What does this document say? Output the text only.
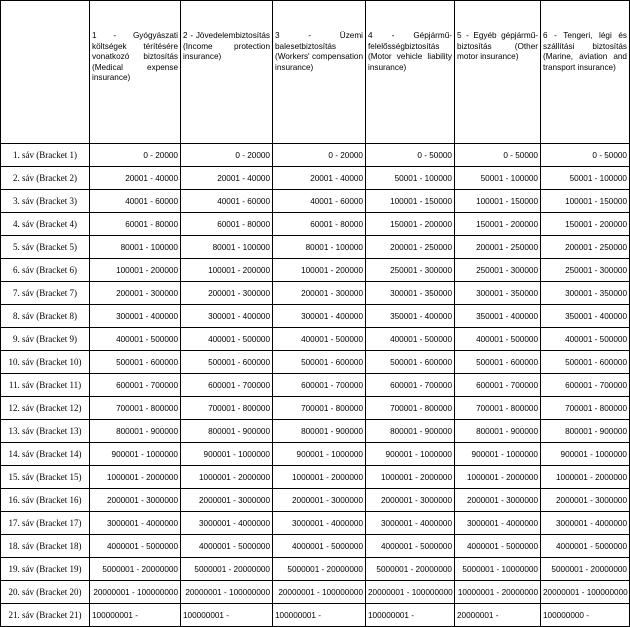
	1 - Gyógyászati költségek térítésére vonatkozó biztosítás (Medical expense insurance)	2 - Jövedelembiztosítás (Income protection insurance)	3 - Üzemi balesetbiztosítás (Workers' compensation insurance)	4 - Gépjármű-felelősségbiztosítás (Motor vehicle liability insurance)	5 - Egyéb gépjármű-biztosítás (Other motor insurance)	6 - Tengeri, légi és szállítási biztosítás (Marine, aviation and transport insurance)
1. sáv (Bracket 1)	0 - 20000	0 - 20000	0 - 20000	0 - 50000	0 - 50000	0 - 50000
2. sáv (Bracket 2)	20001 - 40000	20001 - 40000	20001 - 40000	50001 - 100000	50001 - 100000	50001 - 100000
3. sáv (Bracket 3)	40001 - 60000	40001 - 60000	40001 - 60000	100001 - 150000	100001 - 150000	100001 - 150000
4. sáv (Bracket 4)	60001 - 80000	60001 - 80000	60001 - 80000	150001 - 200000	150001 - 200000	150001 - 200000
5. sáv (Bracket 5)	80001 - 100000	80001 - 100000	80001 - 100000	200001 - 250000	200001 - 250000	200001 - 250000
6. sáv (Bracket 6)	100001 - 200000	100001 - 200000	100001 - 200000	250001 - 300000	250001 - 300000	250001 - 300000
7. sáv (Bracket 7)	200001 - 300000	200001 - 300000	200001 - 300000	300001 - 350000	300001 - 350000	300001 - 350000
8. sáv (Bracket 8)	300001 - 400000	300001 - 400000	300001 - 400000	350001 - 400000	350001 - 400000	350001 - 400000
9. sáv (Bracket 9)	400001 - 500000	400001 - 500000	400001 - 500000	400001 - 500000	400001 - 500000	400001 - 500000
10. sáv (Bracket 10)	500001 - 600000	500001 - 600000	500001 - 600000	500001 - 600000	500001 - 600000	500001 - 600000
11. sáv (Bracket 11)	600001 - 700000	600001 - 700000	600001 - 700000	600001 - 700000	600001 - 700000	600001 - 700000
12. sáv (Bracket 12)	700001 - 800000	700001 - 800000	700001 - 800000	700001 - 800000	700001 - 800000	700001 - 800000
13. sáv (Bracket 13)	800001 - 900000	800001 - 900000	800001 - 900000	800001 - 900000	800001 - 900000	800001 - 900000
14. sáv (Bracket 14)	900001 - 1000000	900001 - 1000000	900001 - 1000000	900001 - 1000000	900001 - 1000000	900001 - 1000000
15. sáv (Bracket 15)	1000001 - 2000000	1000001 - 2000000	1000001 - 2000000	1000001 - 2000000	1000001 - 2000000	1000001 - 2000000
16. sáv (Bracket 16)	2000001 - 3000000	2000001 - 3000000	2000001 - 3000000	2000001 - 3000000	2000001 - 3000000	2000001 - 3000000
17. sáv (Bracket 17)	3000001 - 4000000	3000001 - 4000000	3000001 - 4000000	3000001 - 4000000	3000001 - 4000000	3000001 - 4000000
18. sáv (Bracket 18)	4000001 - 5000000	4000001 - 5000000	4000001 - 5000000	4000001 - 5000000	4000001 - 5000000	4000001 - 5000000
19. sáv (Bracket 19)	5000001 - 20000000	5000001 - 20000000	5000001 - 20000000	5000001 - 20000000	5000001 - 10000000	5000001 - 20000000
20. sáv (Bracket 20)	20000001 - 100000000	20000001 - 100000000	20000001 - 100000000	20000001 - 100000000	10000001 - 20000000	20000001 - 100000000
21. sáv (Bracket 21)	100000001 -	100000001 -	100000001 -	100000001 -	20000001 -	100000000 -
